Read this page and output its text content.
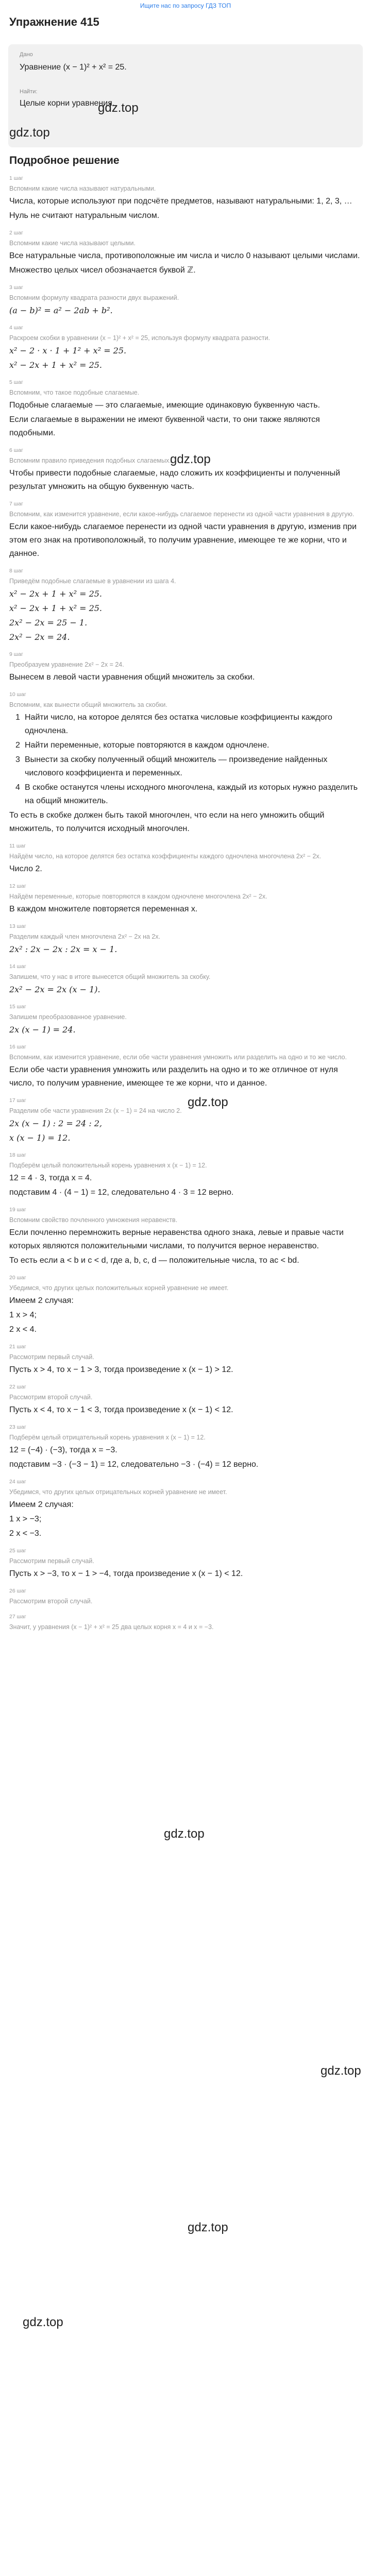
Ищите нас по запросу ГДЗ ТОП
Упражнение 415
Дано
Уравнение (x − 1)² + x² = 25.
Найти:
Целые корни уравнения.
gdz.top
gdz.top
Подробное решение

1 шаг

Вспомним какие числа называют натуральными.

Числа, которые используют при подсчёте предметов, называют натуральными: 1, 2, 3, …

Нуль не считают натуральным числом.

2 шаг

Вспомним какие числа называют целыми.

Все натуральные числа, противоположные им числа и число 0 называют целыми числами.

Множество целых чисел обозначается буквой ℤ.

3 шаг

Вспомним формулу квадрата разности двух выражений.

(a − b)² = a² − 2ab + b².

4 шаг

Раскроем скобки в уравнении (x − 1)² + x² = 25, используя формулу квадрата разности.

x² − 2 · x · 1 + 1² + x² = 25.

x² − 2x + 1 + x² = 25.

5 шаг

Вспомним, что такое подобные слагаемые.

Подобные слагаемые — это слагаемые, имеющие одинаковую буквенную часть.

Если слагаемые в выражении не имеют буквенной части, то они также являются подобными.

6 шаг

Вспомним правило приведения подобных слагаемых.

Чтобы привести подобные слагаемые, надо сложить их коэффициенты и полученный результат умножить на общую буквенную часть.

7 шаг

Вспомним, как изменится уравнение, если какое-нибудь слагаемое перенести из одной части уравнения в другую.

Если какое-нибудь слагаемое перенести из одной части уравнения в другую, изменив при этом его знак на противоположный, то получим уравнение, имеющее те же корни, что и данное.

8 шаг

Приведём подобные слагаемые в уравнении из шага 4.

x² − 2x + 1 + x² = 25.

x² − 2x + 1 + x² = 25.

2x² − 2x = 25 − 1.

2x² − 2x = 24.

9 шаг

Преобразуем уравнение 2x² − 2x = 24.

Вынесем в левой части уравнения общий множитель за скобки.

10 шаг

Вспомним, как вынести общий множитель за скобки.

1 Найти число, на которое делятся без остатка числовые коэффициенты каждого одночлена.

2 Найти переменные, которые повторяются в каждом одночлене.

3 Вынести за скобку полученный общий множитель — произведение найденных числового коэффициента и переменных.

4 В скобке останутся члены исходного многочлена, каждый из которых нужно разделить на общий множитель.

То есть в скобке должен быть такой многочлен, что если на него умножить общий множитель, то получится исходный многочлен.

11 шаг

Найдём число, на которое делятся без остатка коэффициенты каждого одночлена многочлена 2x² − 2x.

Число 2.

12 шаг

Найдём переменные, которые повторяются в каждом одночлене многочлена 2x² − 2x.

В каждом множителе повторяется переменная x.

13 шаг

Разделим каждый член многочлена 2x² − 2x на 2x.

2x² : 2x − 2x : 2x = x − 1.

14 шаг

Запишем, что у нас в итоге вынесется общий множитель за скобку.

2x² − 2x = 2x (x − 1).

15 шаг

Запишем преобразованное уравнение.

2x (x − 1) = 24.

16 шаг

Вспомним, как изменится уравнение, если обе части уравнения умножить или разделить на одно и то же число.

Если обе части уравнения умножить или разделить на одно и то же отличное от нуля число, то получим уравнение, имеющее те же корни, что и данное.

17 шаг

Разделим обе части уравнения 2x (x − 1) = 24 на число 2.

2x (x − 1) : 2 = 24 : 2,

x (x − 1) = 12.

18 шаг

Подберём целый положительный корень уравнения x (x − 1) = 12.

12 = 4 · 3, тогда x = 4.

подставим 4 · (4 − 1) = 12, следовательно 4 · 3 = 12 верно.

19 шаг

Вспомним свойство почленного умножения неравенств.

Если почленно перемножить верные неравенства одного знака, левые и правые части которых являются положительными числами, то получится верное неравенство.

То есть если a < b и c < d, где a, b, c, d — положительные числа, то ac < bd.

20 шаг

Убедимся, что других целых положительных корней уравнение не имеет.

Имеем 2 случая:

1 x > 4;

2 x < 4.

21 шаг

Рассмотрим первый случай.

Пусть x > 4, то x − 1 > 3, тогда произведение x (x − 1) > 12.

22 шаг

Рассмотрим второй случай.

Пусть x < 4, то x − 1 < 3, тогда произведение x (x − 1) < 12.

23 шаг

Подберём целый отрицательный корень уравнения x (x − 1) = 12.

12 = (−4) · (−3), тогда x = −3.

подставим −3 · (−3 − 1) = 12, следовательно −3 · (−4) = 12 верно.

24 шаг

Убедимся, что других целых отрицательных корней уравнение не имеет.

Имеем 2 случая:

1 x > −3;

2 x < −3.

25 шаг

Рассмотрим первый случай.

Пусть x > −3, то x − 1 > −4, тогда произведение x (x − 1) < 12.

26 шаг

Рассмотрим второй случай.

27 шаг

Значит, у уравнения (x − 1)² + x² = 25 два целых корня x = 4 и x = −3.

gdz.top
gdz.top
gdz.top
gdz.top
gdz.top
gdz.top
